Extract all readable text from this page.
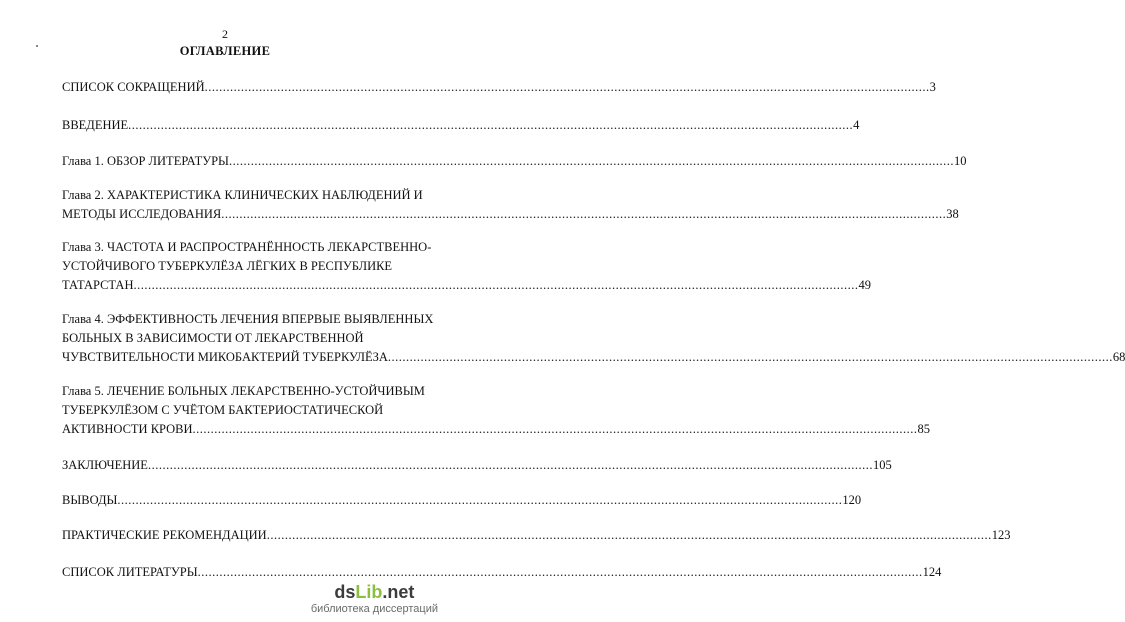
2
ОГЛАВЛЕНИЕ
СПИСОК СОКРАЩЕНИЙ ........................................................................................................................................................................................................ 3
ВВЕДЕНИЕ ........................................................................................................................................................................................................ 4
Глава 1. ОБЗОР ЛИТЕРАТУРЫ ........................................................................................................................................................................................................ 10
Глава 2. ХАРАКТЕРИСТИКА КЛИНИЧЕСКИХ НАБЛЮДЕНИЙ И
МЕТОДЫ ИССЛЕДОВАНИЯ ........................................................................................................................................................................................................ 38
Глава 3. ЧАСТОТА И РАСПРОСТРАНЁННОСТЬ ЛЕКАРСТВЕННО-
УСТОЙЧИВОГО ТУБЕРКУЛЁЗА ЛЁГКИХ В РЕСПУБЛИКЕ
ТАТАРСТАН ........................................................................................................................................................................................................ 49
Глава 4. ЭФФЕКТИВНОСТЬ ЛЕЧЕНИЯ ВПЕРВЫЕ ВЫЯВЛЕННЫХ
БОЛЬНЫХ В ЗАВИСИМОСТИ ОТ ЛЕКАРСТВЕННОЙ
ЧУВСТВИТЕЛЬНОСТИ МИКОБАКТЕРИЙ ТУБЕРКУЛЁЗА ........................................................................................................................................................................................................ 68
Глава 5. ЛЕЧЕНИЕ БОЛЬНЫХ ЛЕКАРСТВЕННО-УСТОЙЧИВЫМ
ТУБЕРКУЛЁЗОМ С УЧЁТОМ БАКТЕРИОСТАТИЧЕСКОЙ
АКТИВНОСТИ КРОВИ ........................................................................................................................................................................................................ 85
ЗАКЛЮЧЕНИЕ ........................................................................................................................................................................................................ 105
ВЫВОДЫ ........................................................................................................................................................................................................ 120
ПРАКТИЧЕСКИЕ РЕКОМЕНДАЦИИ ........................................................................................................................................................................................................ 123
СПИСОК ЛИТЕРАТУРЫ ........................................................................................................................................................................................................ 124
dsLib.net
библиотека диссертаций
